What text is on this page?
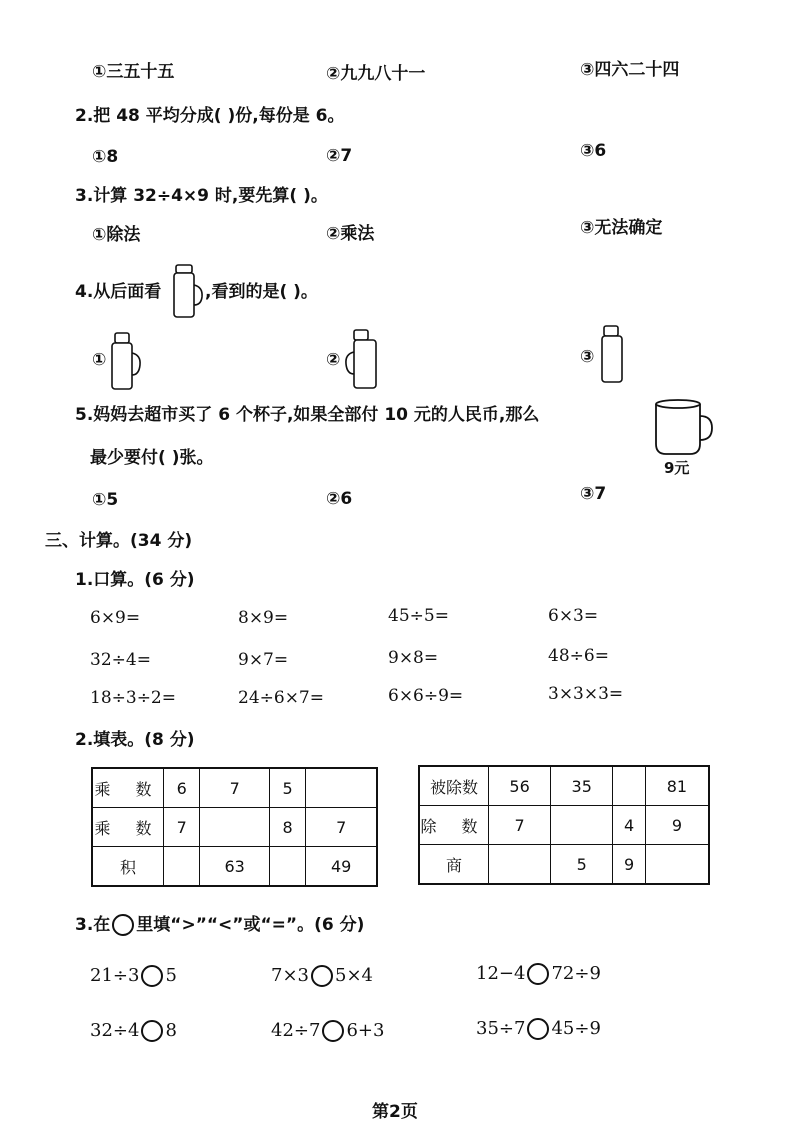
①三五十五	②九九八十一	③四六二十四
2.把 48 平均分成( )份,每份是 6。
①8	②7	③6
3.计算 32÷4×9 时,要先算( )。
①除法	②乘法	③无法确定
4.从后面看	,看到的是( )。
①	②	③
5.妈妈去超市买了 6 个杯子,如果全部付 10 元的人民币,那么
最少要付( )张。	9元
①5	②6	③7
三、计算。(34 分)
1.口算。(6 分)
6×9=	8×9=	45÷5=	6×3=
32÷4=	9×7=	9×8=	48÷6=
18÷3÷2=	24÷6×7=	6×6÷9=	3×3×3=
2.填表。(8 分)
乘 数	6	7	5	
乘 数	7		8	7
积		63		49
被除数	56	35		81
除 数	7		4	9
商		5	9	
3.在 里填“>”“<”或“=”。(6 分)
21÷3 5	7×3 5×4	12−4 72÷9
32÷4 8	42÷7 6+3	35÷7 45÷9
第2页
